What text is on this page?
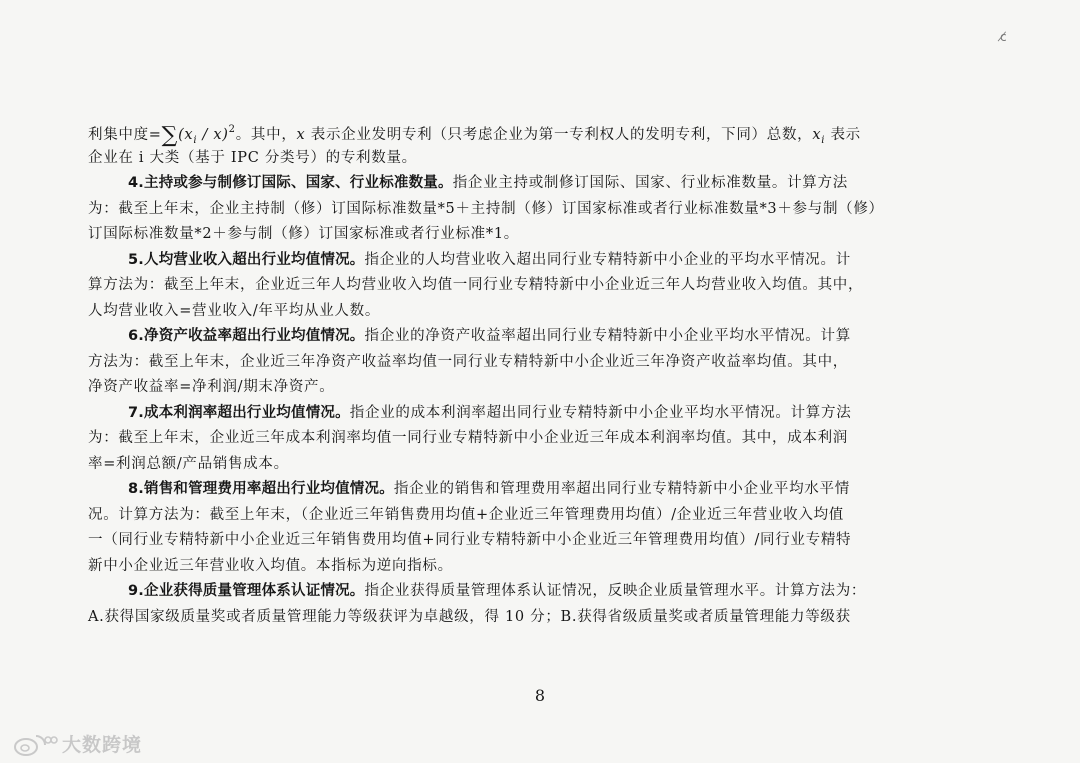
c̸
利集中度$=\sum(x_i / x)^2$。其中，x 表示企业发明专利（只考虑企业为第一专利权人的发明专利，下同）总数，$x_i$ 表示
企业在 i 大类（基于 IPC 分类号）的专利数量。
4.主持或参与制修订国际、国家、行业标准数量。指企业主持或制修订国际、国家、行业标准数量。计算方法
为：截至上年末，企业主持制（修）订国际标准数量*5＋主持制（修）订国家标准或者行业标准数量*3＋参与制（修）
订国际标准数量*2＋参与制（修）订国家标准或者行业标准*1。
5.人均营业收入超出行业均值情况。指企业的人均营业收入超出同行业专精特新中小企业的平均水平情况。计
算方法为：截至上年末，企业近三年人均营业收入均值一同行业专精特新中小企业近三年人均营业收入均值。其中，
人均营业收入=营业收入/年平均从业人数。
6.净资产收益率超出行业均值情况。指企业的净资产收益率超出同行业专精特新中小企业平均水平情况。计算
方法为：截至上年末，企业近三年净资产收益率均值一同行业专精特新中小企业近三年净资产收益率均值。其中，
净资产收益率=净利润/期末净资产。
7.成本利润率超出行业均值情况。指企业的成本利润率超出同行业专精特新中小企业平均水平情况。计算方法
为：截至上年末，企业近三年成本利润率均值一同行业专精特新中小企业近三年成本利润率均值。其中，成本利润
率=利润总额/产品销售成本。
8.销售和管理费用率超出行业均值情况。指企业的销售和管理费用率超出同行业专精特新中小企业平均水平情
况。计算方法为：截至上年末，（企业近三年销售费用均值+企业近三年管理费用均值）/企业近三年营业收入均值
一（同行业专精特新中小企业近三年销售费用均值+同行业专精特新中小企业近三年管理费用均值）/同行业专精特
新中小企业近三年营业收入均值。本指标为逆向指标。
9.企业获得质量管理体系认证情况。指企业获得质量管理体系认证情况，反映企业质量管理水平。计算方法为：
A.获得国家级质量奖或者质量管理能力等级获评为卓越级，得 10 分；B.获得省级质量奖或者质量管理能力等级获
8
大数跨境
